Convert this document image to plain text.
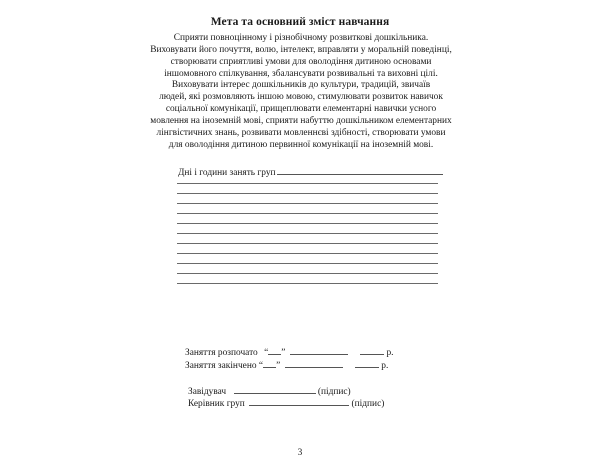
Мета та основний зміст навчання
Сприяти повноцінному і різнобічному розвиткові дошкільника.
Виховувати його почуття, волю, інтелект, вправляти у моральній поведінці,
створювати сприятливі умови для оволодіння дитиною основами
іншомовного спілкування, збалансувати розвивальні та виховні цілі.
Виховувати інтерес дошкільників до культури, традицій, звичаїв
людей, які розмовляють іншою мовою, стимулювати розвиток навичок
соціальної комунікації, прищеплювати елементарні навички усного
мовлення на іноземній мові, сприяти набуттю дошкільником елементарних
лінгвістичних знань, розвивати мовленнєві здібності, створювати умови
для оволодіння дитиною первинної комунікації на іноземній мові.
Дні і години занять груп
Заняття розпочато “ ”	р.
Заняття закінчено “ ”	р.
Завідувач	(підпис)
Керівник груп	(підпис)
3
